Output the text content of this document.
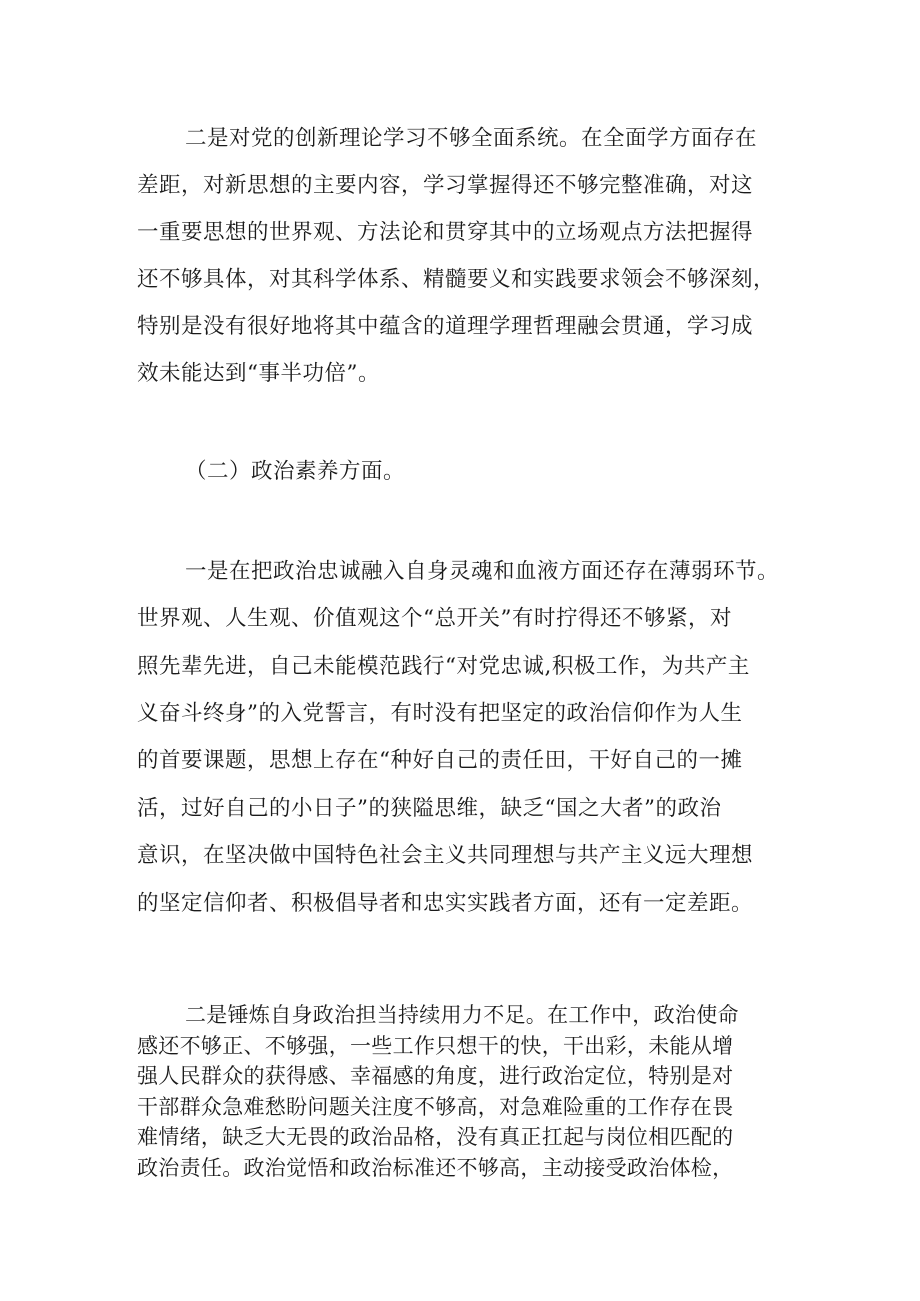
二是对党的创新理论学习不够全面系统。在全面学方面存在
差距，对新思想的主要内容，学习掌握得还不够完整准确，对这
一重要思想的世界观、方法论和贯穿其中的立场观点方法把握得
还不够具体，对其科学体系、精髓要义和实践要求领会不够深刻，
特别是没有很好地将其中蕴含的道理学理哲理融会贯通，学习成
效未能达到“事半功倍”。
（二）政治素养方面。
一是在把政治忠诚融入自身灵魂和血液方面还存在薄弱环节。
世界观、人生观、价值观这个“总开关”有时拧得还不够紧，对
照先辈先进，自己未能模范践行“对党忠诚,积极工作，为共产主
义奋斗终身”的入党誓言，有时没有把坚定的政治信仰作为人生
的首要课题，思想上存在“种好自己的责任田，干好自己的一摊
活，过好自己的小日子”的狭隘思维，缺乏“国之大者”的政治
意识，在坚决做中国特色社会主义共同理想与共产主义远大理想
的坚定信仰者、积极倡导者和忠实实践者方面，还有一定差距。
二是锤炼自身政治担当持续用力不足。在工作中，政治使命
感还不够正、不够强，一些工作只想干的快，干出彩，未能从增
强人民群众的获得感、幸福感的角度，进行政治定位，特别是对
干部群众急难愁盼问题关注度不够高，对急难险重的工作存在畏
难情绪，缺乏大无畏的政治品格，没有真正扛起与岗位相匹配的
政治责任。政治觉悟和政治标准还不够高，主动接受政治体检，
